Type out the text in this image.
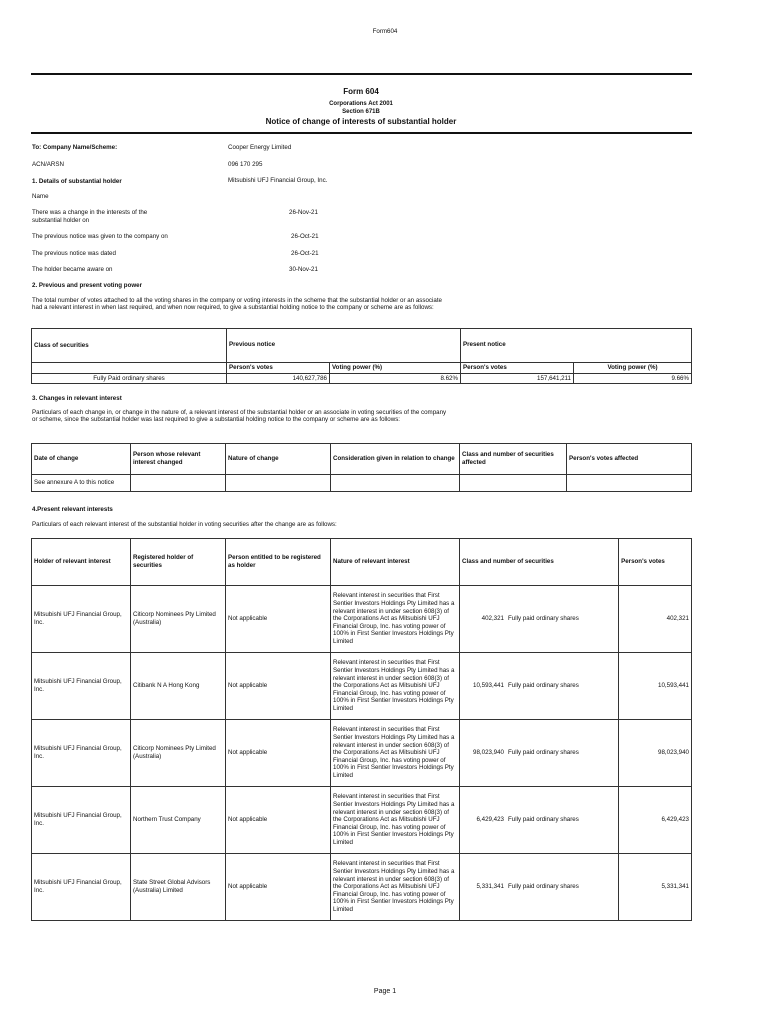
Form604
Form 604
Corporations Act 2001
Section 671B
Notice of change of interests of substantial holder
To: Company Name/Scheme:	Cooper Energy Limited
ACN/ARSN	096 170 295
1. Details of substantial holder	Mitsubishi UFJ Financial Group, Inc.
Name
There was a change in the interests of the substantial holder on
26-Nov-21
The previous notice was given to the company on	26-Oct-21
The previous notice was dated	26-Oct-21
The holder became aware on	30-Nov-21
2. Previous and present voting power
The total number of votes attached to all the voting shares in the company or voting interests in the scheme that the substantial holder or an associate had a relevant interest in when last required, and when now required, to give a substantial holding notice to the company or scheme are as follows:
Class of securities	Previous notice		Present notice	
	Person's votes	Voting power (%)	Person's votes	Voting power (%)
Fully Paid ordinary shares	140,627,786	8.62%	157,641,211	9.66%
3. Changes in relevant interest
Particulars of each change in, or change in the nature of, a relevant interest of the substantial holder or an associate in voting securities of the company or scheme, since the substantial holder was last required to give a substantial holding notice to the company or scheme are as follows:
Date of change	Person whose relevant interest changed	Nature of change	Consideration given in relation to change	Class and number of securities affected	Person's votes affected
See annexure A to this notice					
4.Present relevant interests
Particulars of each relevant interest of the substantial holder in voting securities after the change are as follows:
Holder of relevant interest	Registered holder of securities	Person entitled to be registered as holder	Nature of relevant interest	Class and number of securities		Person's votes
Mitsubishi UFJ Financial Group, Inc.	Citicorp Nominees Pty Limited (Australia)	Not applicable	Relevant interest in securities that First Sentier Investors Holdings Pty Limited has a relevant interest in under section 608(3) of the Corporations Act as Mitsubishi UFJ Financial Group, Inc. has voting power of 100% in First Sentier Investors Holdings Pty Limited	402,321	Fully paid ordinary shares	402,321
Mitsubishi UFJ Financial Group, Inc.	Citibank N A Hong Kong	Not applicable	Relevant interest in securities that First Sentier Investors Holdings Pty Limited has a relevant interest in under section 608(3) of the Corporations Act as Mitsubishi UFJ Financial Group, Inc. has voting power of 100% in First Sentier Investors Holdings Pty Limited	10,593,441	Fully paid ordinary shares	10,593,441
Mitsubishi UFJ Financial Group, Inc.	Citicorp Nominees Pty Limited (Australia)	Not applicable	Relevant interest in securities that First Sentier Investors Holdings Pty Limited has a relevant interest in under section 608(3) of the Corporations Act as Mitsubishi UFJ Financial Group, Inc. has voting power of 100% in First Sentier Investors Holdings Pty Limited	98,023,940	Fully paid ordinary shares	98,023,940
Mitsubishi UFJ Financial Group, Inc.	Northern Trust Company	Not applicable	Relevant interest in securities that First Sentier Investors Holdings Pty Limited has a relevant interest in under section 608(3) of the Corporations Act as Mitsubishi UFJ Financial Group, Inc. has voting power of 100% in First Sentier Investors Holdings Pty Limited	6,429,423	Fully paid ordinary shares	6,429,423
Mitsubishi UFJ Financial Group, Inc.	State Street Global Advisors (Australia) Limited	Not applicable	Relevant interest in securities that First Sentier Investors Holdings Pty Limited has a relevant interest in under section 608(3) of the Corporations Act as Mitsubishi UFJ Financial Group, Inc. has voting power of 100% in First Sentier Investors Holdings Pty Limited	5,331,341	Fully paid ordinary shares	5,331,341
Page 1
